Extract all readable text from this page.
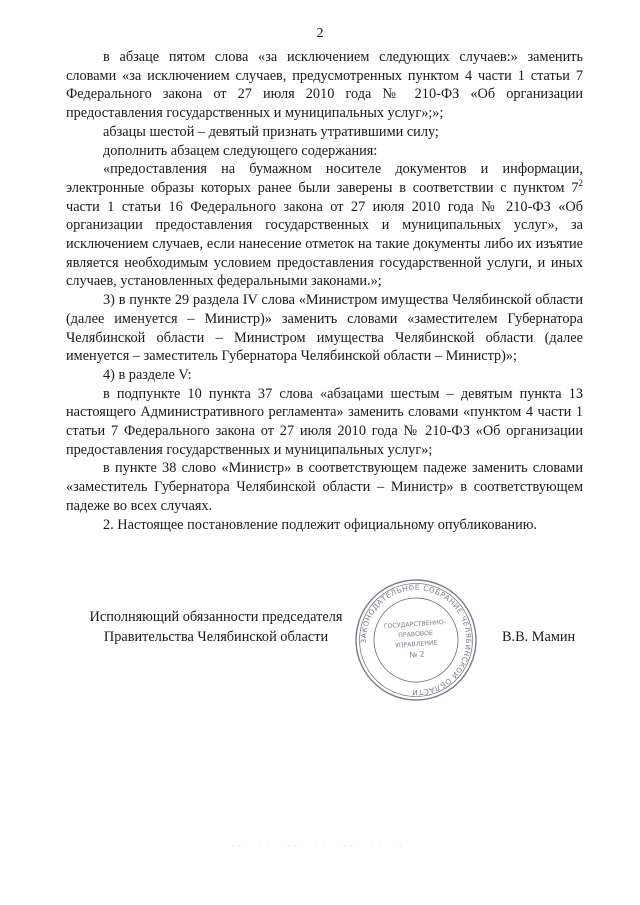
2

в абзаце пятом слова «за исключением следующих случаев:» заменить словами «за исключением случаев, предусмотренных пунктом 4 части 1 статьи 7 Федерального закона от 27 июля 2010 года № 210-ФЗ «Об организации предоставления государственных и муниципальных услуг»;»;

абзацы шестой – девятый признать утратившими силу;

дополнить абзацем следующего содержания:

«предоставления на бумажном носителе документов и информации, электронные образы которых ранее были заверены в соответствии с пунктом $7^2$ части 1 статьи 16 Федерального закона от 27 июля 2010 года № 210-ФЗ «Об организации предоставления государственных и муниципальных услуг», за исключением случаев, если нанесение отметок на такие документы либо их изъятие является необходимым условием предоставления государственной услуги, и иных случаев, установленных федеральными законами.»;

3) в пункте 29 раздела IV слова «Министром имущества Челябинской области (далее именуется – Министр)» заменить словами «заместителем Губернатора Челябинской области – Министром имущества Челябинской области (далее именуется – заместитель Губернатора Челябинской области – Министр)»;

4) в разделе V:

в подпункте 10 пункта 37 слова «абзацами шестым – девятым пункта 13 настоящего Административного регламента» заменить словами «пунктом 4 части 1 статьи 7 Федерального закона от 27 июля 2010 года № 210-ФЗ «Об организации предоставления государственных и муниципальных услуг»;

в пункте 38 слово «Министр» в соответствующем падеже заменить словами «заместитель Губернатора Челябинской области – Министр» в соответствующем падеже во всех случаях.

2. Настоящее постановление подлежит официальному опубликованию.

Исполняющий обязанности председателя
Правительства Челябинской области	В.В. Мамин
ЗАКОНОДАТЕЛЬНОЕ СОБРАНИЕ ЧЕЛЯБИНСКОЙ ОБЛАСТИ
ГОСУДАРСТВЕННО-
ПРАВОВОЕ
УПРАВЛЕНИЕ
№ 2
